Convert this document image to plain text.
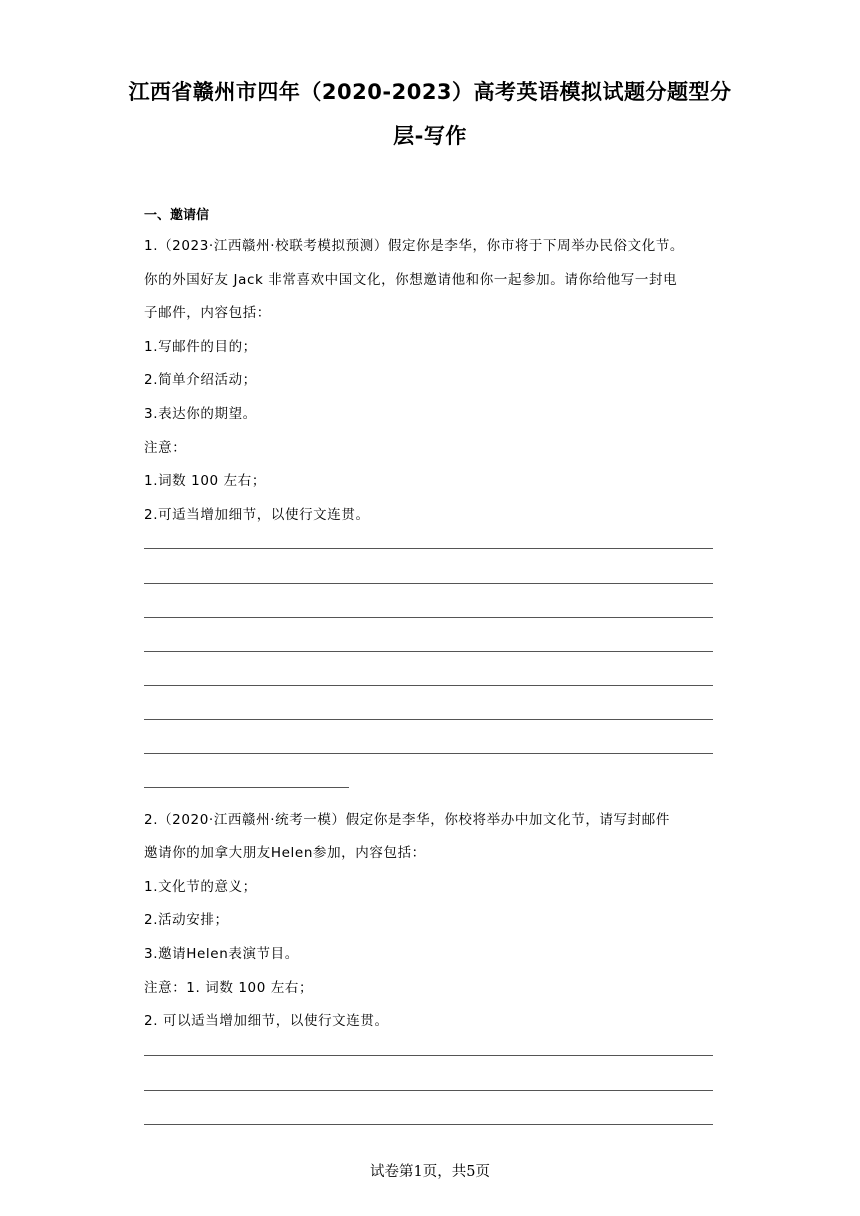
江西省赣州市四年（2020-2023）高考英语模拟试题分题型分
层-写作
一、邀请信
1.（2023·江西赣州·校联考模拟预测）假定你是李华，你市将于下周举办民俗文化节。
你的外国好友 Jack 非常喜欢中国文化，你想邀请他和你一起参加。请你给他写一封电
子邮件，内容包括：
1.写邮件的目的；
2.简单介绍活动；
3.表达你的期望。
注意：
1.词数 100 左右；
2.可适当增加细节，以使行文连贯。
2.（2020·江西赣州·统考一模）假定你是李华，你校将举办中加文化节，请写封邮件
邀请你的加拿大朋友Helen参加，内容包括：
1.文化节的意义；
2.活动安排；
3.邀请Helen表演节目。
注意：1. 词数 100 左右；
2. 可以适当增加细节，以使行文连贯。
试卷第1页，共5页
